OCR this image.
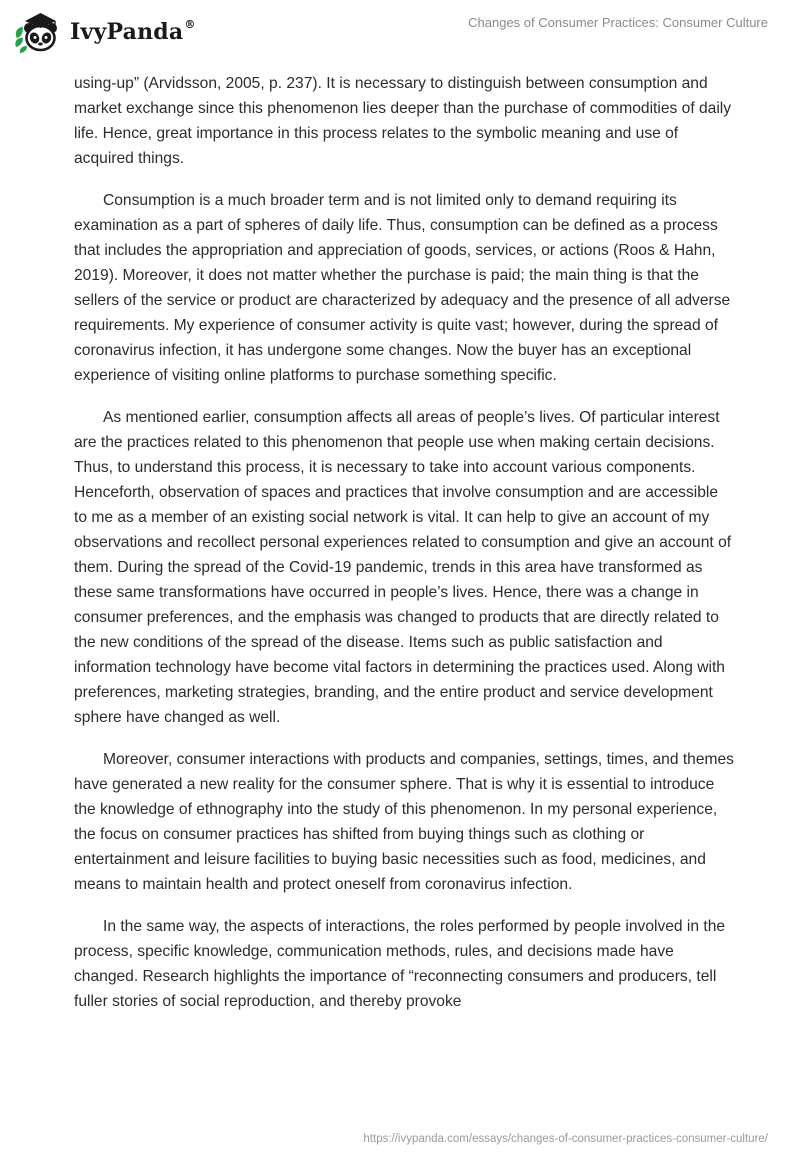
IvyPanda®	Changes of Consumer Practices: Consumer Culture

using-up” (Arvidsson, 2005, p. 237). It is necessary to distinguish between consumption and market exchange since this phenomenon lies deeper than the purchase of commodities of daily life. Hence, great importance in this process relates to the symbolic meaning and use of acquired things.

Consumption is a much broader term and is not limited only to demand requiring its examination as a part of spheres of daily life. Thus, consumption can be defined as a process that includes the appropriation and appreciation of goods, services, or actions (Roos & Hahn, 2019). Moreover, it does not matter whether the purchase is paid; the main thing is that the sellers of the service or product are characterized by adequacy and the presence of all adverse requirements. My experience of consumer activity is quite vast; however, during the spread of coronavirus infection, it has undergone some changes. Now the buyer has an exceptional experience of visiting online platforms to purchase something specific.

As mentioned earlier, consumption affects all areas of people’s lives. Of particular interest are the practices related to this phenomenon that people use when making certain decisions. Thus, to understand this process, it is necessary to take into account various components. Henceforth, observation of spaces and practices that involve consumption and are accessible to me as a member of an existing social network is vital. It can help to give an account of my observations and recollect personal experiences related to consumption and give an account of them. During the spread of the Covid-19 pandemic, trends in this area have transformed as these same transformations have occurred in people’s lives. Hence, there was a change in consumer preferences, and the emphasis was changed to products that are directly related to the new conditions of the spread of the disease. Items such as public satisfaction and information technology have become vital factors in determining the practices used. Along with preferences, marketing strategies, branding, and the entire product and service development sphere have changed as well.

Moreover, consumer interactions with products and companies, settings, times, and themes have generated a new reality for the consumer sphere. That is why it is essential to introduce the knowledge of ethnography into the study of this phenomenon. In my personal experience, the focus on consumer practices has shifted from buying things such as clothing or entertainment and leisure facilities to buying basic necessities such as food, medicines, and means to maintain health and protect oneself from coronavirus infection.

In the same way, the aspects of interactions, the roles performed by people involved in the process, specific knowledge, communication methods, rules, and decisions made have changed. Research highlights the importance of “reconnecting consumers and producers, tell fuller stories of social reproduction, and thereby provoke

https://ivypanda.com/essays/changes-of-consumer-practices-consumer-culture/
